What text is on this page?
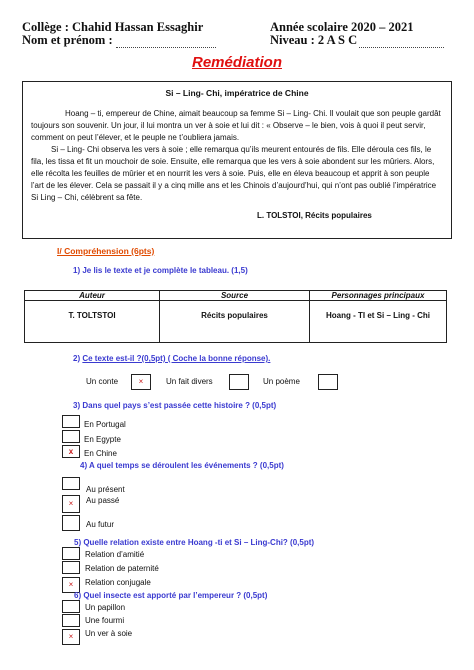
Collège : Chahid Hassan Essaghir	Année scolaire 2020 – 2021
Nom et prénom :	Niveau : 2 A S C
Remédiation
Si – Ling- Chi, impératrice de Chine
Hoang – ti, empereur de Chine, aimait beaucoup sa femme Si – Ling- Chi. Il voulait que son peuple gardât toujours son souvenir. Un jour, il lui montra un ver à soie et lui dit : « Observe – le bien, vois à quoi il peut servir, comment on peut l’élever, et le peuple ne t’oubliera jamais.
Si – Ling- Chi observa les vers à soie ; elle remarqua qu’ils meurent entourés de fils. Elle déroula ces fils, le fila, les tissa et fit un mouchoir de soie. Ensuite, elle remarqua que les vers à soie abondent sur les mûriers. Alors, elle récolta les feuilles de mûrier et en nourrit les vers à soie. Puis, elle en éleva beaucoup et apprit à son peuple l’art de les élever. Cela se passait il y a cinq mille ans et les Chinois d’aujourd’hui, qui n’ont pas oublié l’impératrice Si Ling – Chi, célèbrent sa fête.
L. TOLSTOI, Récits populaires
I/ Compréhension (6pts)
1) Je lis le texte et je complète le tableau. (1,5)
Auteur	Source	Personnages principaux
T. TOLTSTOI	Récits populaires	Hoang - TI et Si – Ling - Chi
2) Ce texte est-il ?(0,5pt) ( Coche la bonne réponse).
Un conte	×	Un fait divers	Un poème
3) Dans quel pays s’est passée cette histoire ? (0,5pt)
En Portugal
En Egypte
x	En Chine
4) A quel temps se déroulent les événements ? (0,5pt)
Au présent
×	Au passé
Au futur
5) Quelle relation existe entre Hoang -ti et Si – Ling-Chi? (0,5pt)
Relation d’amitié
Relation de paternité
×	Relation conjugale
6) Quel insecte est apporté par l’empereur ? (0,5pt)
Un papillon
Une fourmi
×	Un ver à soie
